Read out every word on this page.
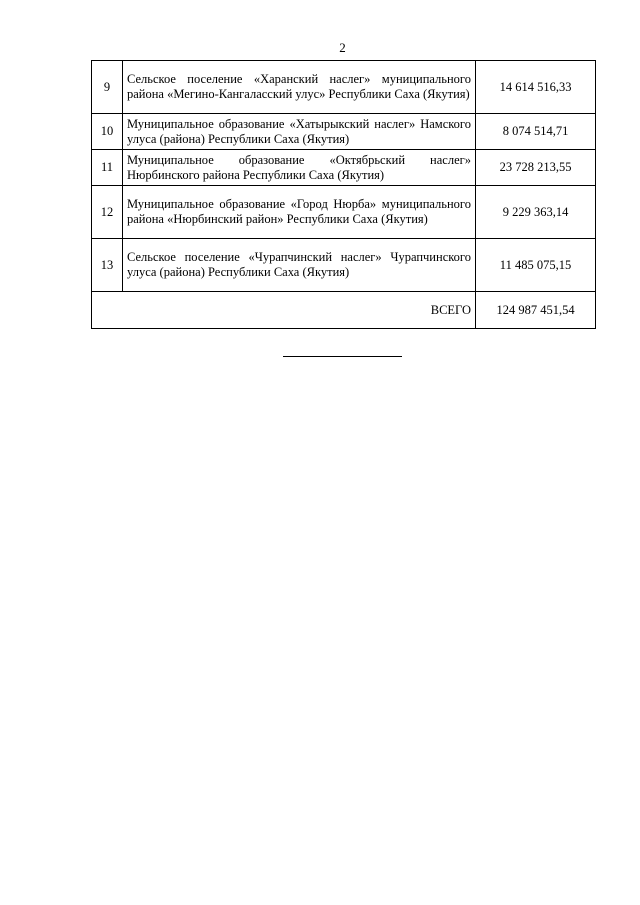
2
9	Сельское поселение «Харанский наслег» муниципального района «Мегино-Кангаласский улус» Республики Саха (Якутия)	14 614 516,33
10	Муниципальное образование «Хатырыкский наслег» Намского улуса (района) Республики Саха (Якутия)	8 074 514,71
11	Муниципальное образование «Октябрьский наслег» Нюрбинского района Республики Саха (Якутия)	23 728 213,55
12	Муниципальное образование «Город Нюрба» муниципального района «Нюрбинский район» Республики Саха (Якутия)	9 229 363,14
13	Сельское поселение «Чурапчинский наслег» Чурапчинского улуса (района) Республики Саха (Якутия)	11 485 075,15
ВСЕГО		124 987 451,54
